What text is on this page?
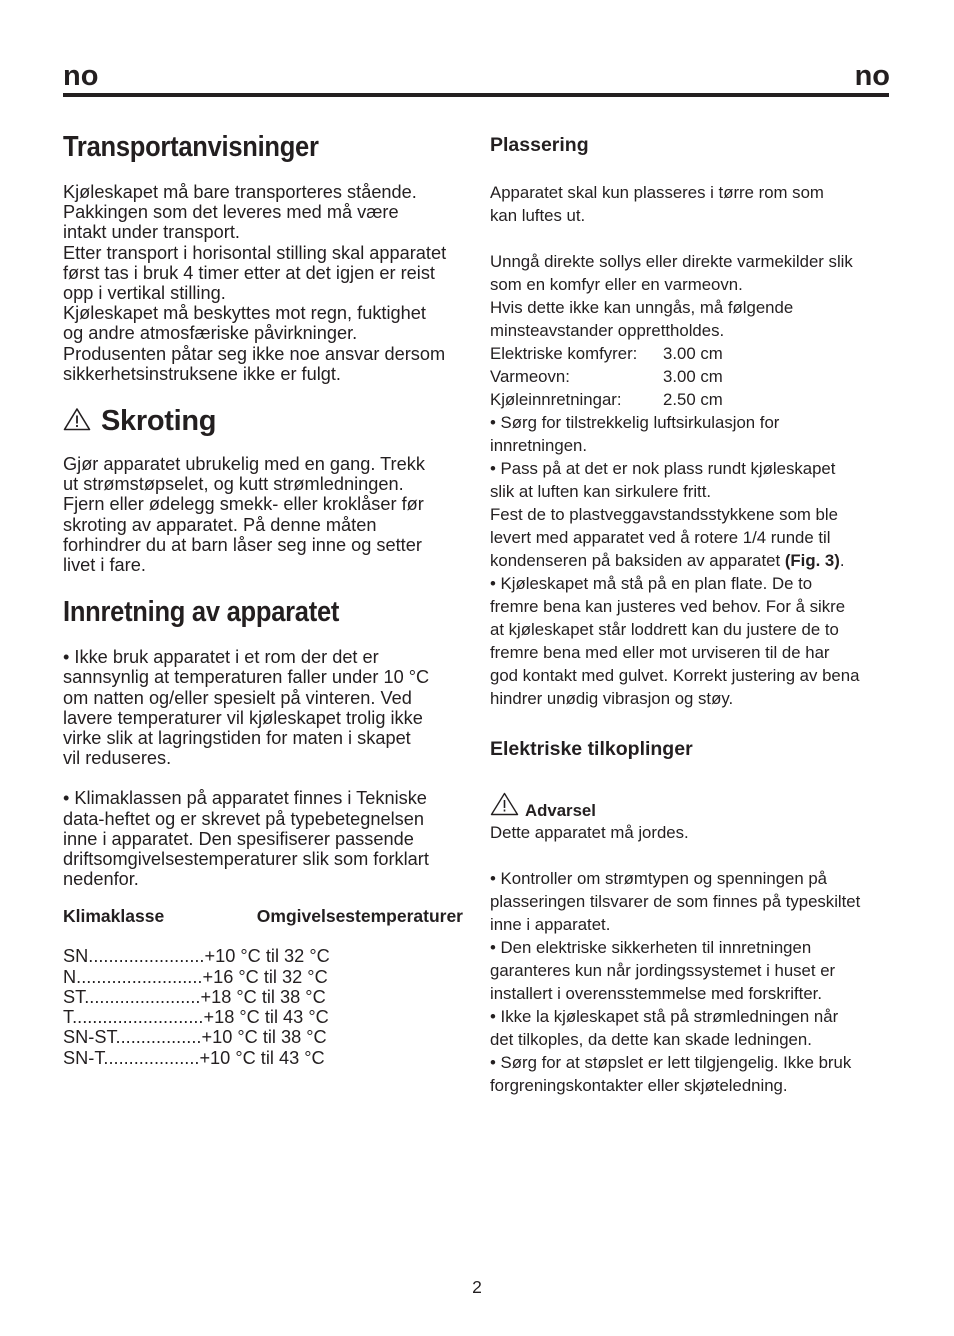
no	no
Transportanvisninger
Kjøleskapet må bare transporteres stående.
Pakkingen som det leveres med må være
intakt under transport.
Etter transport i horisontal stilling skal apparatet
først tas i bruk 4 timer etter at det igjen er reist
opp i vertikal stilling.
Kjøleskapet må beskyttes mot regn, fuktighet
og andre atmosfæriske påvirkninger.
Produsenten påtar seg ikke noe ansvar dersom
sikkerhetsinstruksene ikke er fulgt.
Skroting
Gjør apparatet ubrukelig med en gang. Trekk
ut strømstøpselet, og kutt strømledningen.
Fjern eller ødelegg smekk- eller kroklåser før
skroting av apparatet. På denne måten
forhindrer du at barn låser seg inne og setter
livet i fare.
Innretning av apparatet
• Ikke bruk apparatet i et rom der det er
sannsynlig at temperaturen faller under 10 °C
om natten og/eller spesielt på vinteren. Ved
lavere temperaturer vil kjøleskapet trolig ikke
virke slik at lagringstiden for maten i skapet
vil reduseres.
• Klimaklassen på apparatet finnes i Tekniske
data-heftet og er skrevet på typebetegnelsen
inne i apparatet. Den spesifiserer passende
driftsomgivelsestemperaturer slik som forklart
nedenfor.
Klimaklasse	Omgivelsestemperaturer
SN.......................+10 °C til 32 °C
N.........................+16 °C til 32 °C
ST.......................+18 °C til 38 °C
T..........................+18 °C til 43 °C
SN-ST.................+10 °C til 38 °C
SN-T...................+10 °C til 43 °C
Plassering
Apparatet skal kun plasseres i tørre rom som
kan luftes ut.
Unngå direkte sollys eller direkte varmekilder slik
som en komfyr eller en varmeovn.
Hvis dette ikke kan unngås, må følgende
minsteavstander opprettholdes.
Elektriske komfyrer:	3.00 cm
Varmeovn:	3.00 cm
Kjøleinnretningar:	2.50 cm
• Sørg for tilstrekkelig luftsirkulasjon for
innretningen.
• Pass på at det er nok plass rundt kjøleskapet
slik at luften kan sirkulere fritt.
Fest de to plastveggavstandsstykkene som ble
levert med apparatet ved å rotere 1/4 runde til
kondenseren på baksiden av apparatet (Fig. 3).
• Kjøleskapet må stå på en plan flate. De to
fremre bena kan justeres ved behov. For å sikre
at kjøleskapet står loddrett kan du justere de to
fremre bena med eller mot urviseren til de har
god kontakt med gulvet. Korrekt justering av bena
hindrer unødig vibrasjon og støy.
Elektriske tilkoplinger
Advarsel
Dette apparatet må jordes.
• Kontroller om strømtypen og spenningen på
plasseringen tilsvarer de som finnes på typeskiltet
inne i apparatet.
• Den elektriske sikkerheten til innretningen
garanteres kun når jordingssystemet i huset er
installert i overensstemmelse med forskrifter.
• Ikke la kjøleskapet stå på strømledningen når
det tilkoples, da dette kan skade ledningen.
• Sørg for at støpslet er lett tilgjengelig. Ikke bruk
forgreningskontakter eller skjøteledning.
2
